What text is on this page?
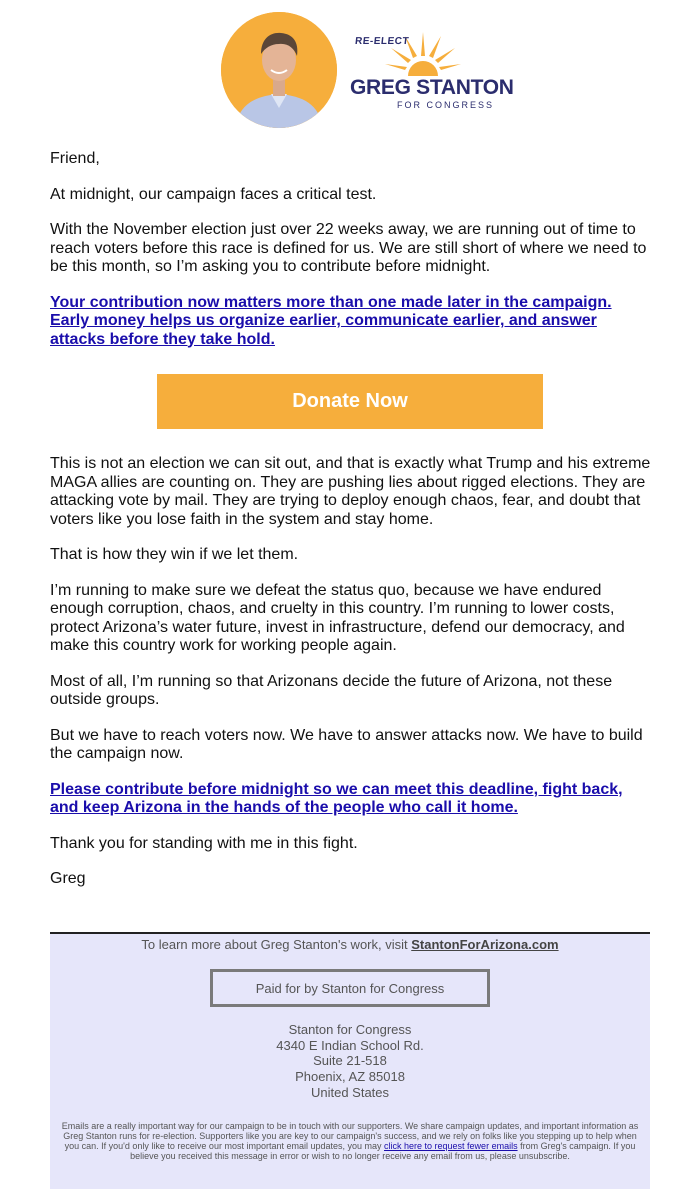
RE-ELECT
GREG STANTON
FOR CONGRESS

Friend,

At midnight, our campaign faces a critical test.

With the November election just over 22 weeks away, we are running out of time to reach voters before this race is defined for us. We are still short of where we need to be this month, so I’m asking you to contribute before midnight.

Your contribution now matters more than one made later in the campaign. Early money helps us organize earlier, communicate earlier, and answer attacks before they take hold.

Donate Now

This is not an election we can sit out, and that is exactly what Trump and his extreme MAGA allies are counting on. They are pushing lies about rigged elections. They are attacking vote by mail. They are trying to deploy enough chaos, fear, and doubt that voters like you lose faith in the system and stay home.

That is how they win if we let them.

I’m running to make sure we defeat the status quo, because we have endured enough corruption, chaos, and cruelty in this country. I’m running to lower costs, protect Arizona’s water future, invest in infrastructure, defend our democracy, and make this country work for working people again.

Most of all, I’m running so that Arizonans decide the future of Arizona, not these outside groups.

But we have to reach voters now. We have to answer attacks now. We have to build the campaign now.

Please contribute before midnight so we can meet this deadline, fight back, and keep Arizona in the hands of the people who call it home.

Thank you for standing with me in this fight.

Greg

To learn more about Greg Stanton's work, visit StantonForArizona.com
Paid for by Stanton for Congress
Stanton for Congress
4340 E Indian School Rd.
Suite 21-518
Phoenix, AZ 85018
United States
Emails are a really important way for our campaign to be in touch with our supporters. We share campaign updates, and important information as Greg Stanton runs for re-election. Supporters like you are key to our campaign's success, and we rely on folks like you stepping up to help when you can. If you'd only like to receive our most important email updates, you may click here to request fewer emails from Greg's campaign. If you believe you received this message in error or wish to no longer receive any email from us, please unsubscribe.
